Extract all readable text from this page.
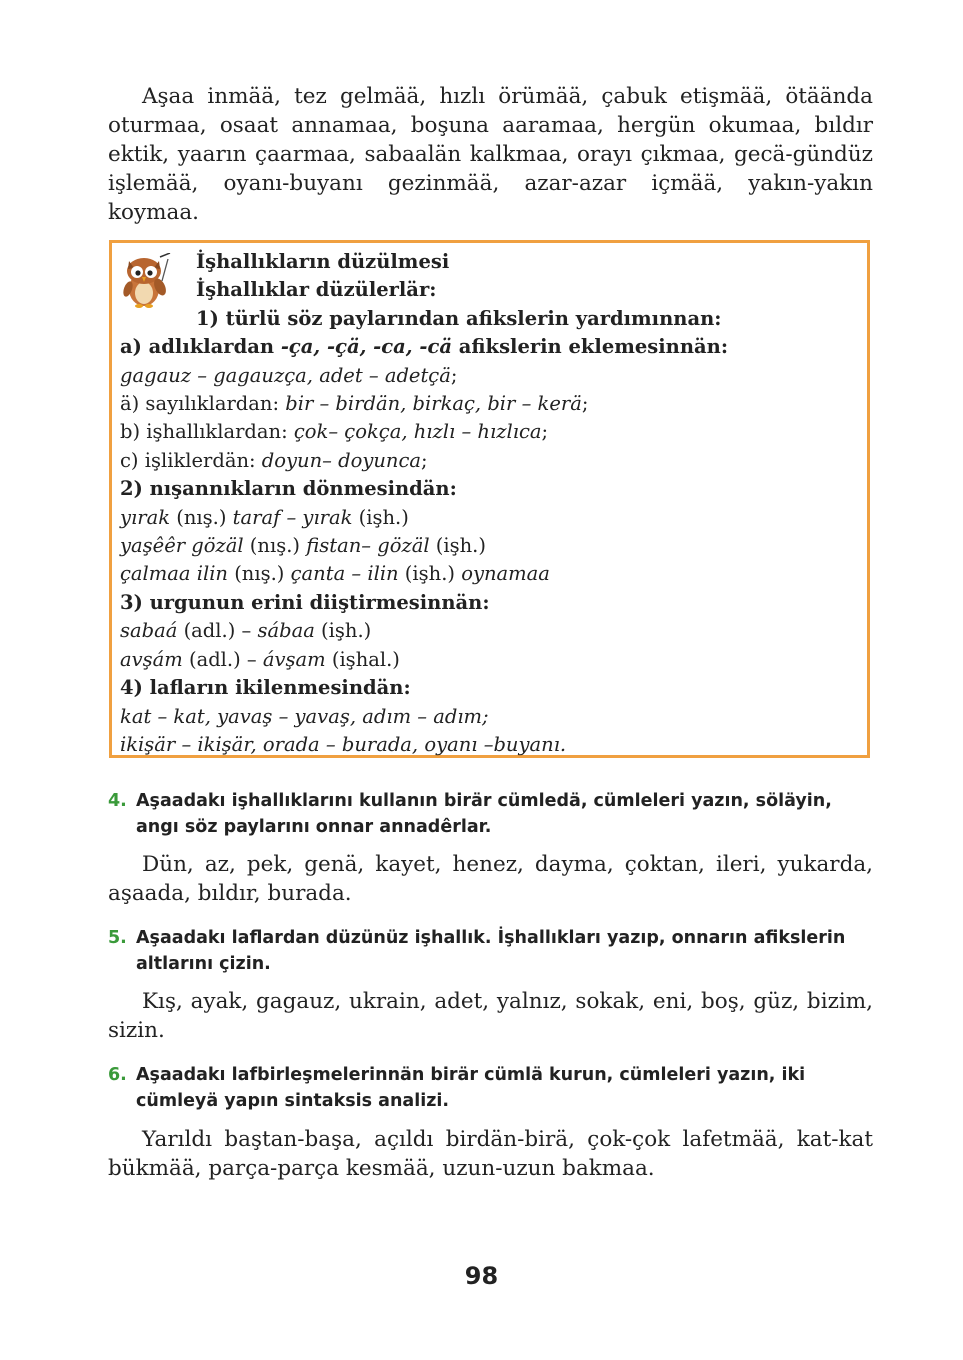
Aşaa inmää, tez gelmää, hızlı örümää, çabuk etişmää, ötäända oturmaa, osaat annamaa, boşuna aaramaa, hergün okumaa, bıldır ektik, yaarın çaarmaa, sabaalän kalkmaa, orayı çıkmaa, gecä-gündüz işlemää, oyanı-buyanı gezinmää, azar-azar içmää, yakın-yakın koymaa.

İşhallıkların düzülmesi
İşhallıklar düzülerlär:
1) türlü söz paylarından afikslerin yardımınnan:
a) adlıklardan -ça, -çä, -ca, -cä afikslerin eklemesinnän:
gagauz – gagauzça, adet – adetçä;
ä) sayılıklardan: bir – birdän, birkaç, bir – kerä;
b) işhallıklardan: çok– çokça, hızlı – hızlıca;
c) işliklerdän: doyun– doyunca;
2) nışannıkların dönmesindän:
yırak (nış.) taraf – yırak (işh.)
yaşêêr gözäl (nış.) fistan– gözäl (işh.)
çalmaa ilin (nış.) çanta – ilin (işh.) oynamaa
3) urgunun erini diiştirmesinnän:
sabaá (adl.) – sábaa (işh.)
avşám (adl.) – ávşam (işhal.)
4) lafların ikilenmesindän:
kat – kat, yavaş – yavaş, adım – adım;
ikişär – ikişär, orada – burada, oyanı –buyanı.
4. Aşaadakı işhallıklarını kullanın birär cümledä, cümleleri yazın, söläyin, angı söz paylarını onnar annadêrlar.

Dün, az, pek, genä, kayet, henez, dayma, çoktan, ileri, yukarda, aşaada, bıldır, burada.

5. Aşaadakı laflardan düzünüz işhallık. İşhallıkları yazıp, onnarın afikslerin altlarını çizin.

Kış, ayak, gagauz, ukrain, adet, yalnız, sokak, eni, boş, güz, bizim, sizin.

6. Aşaadakı lafbirleşmelerinnän birär cümlä kurun, cümleleri yazın, iki cümleyä yapın sintaksis analizi.

Yarıldı baştan-başa, açıldı birdän-birä, çok-çok lafetmää, kat-kat bükmää, parça-parça kesmää, uzun-uzun bakmaa.

98
